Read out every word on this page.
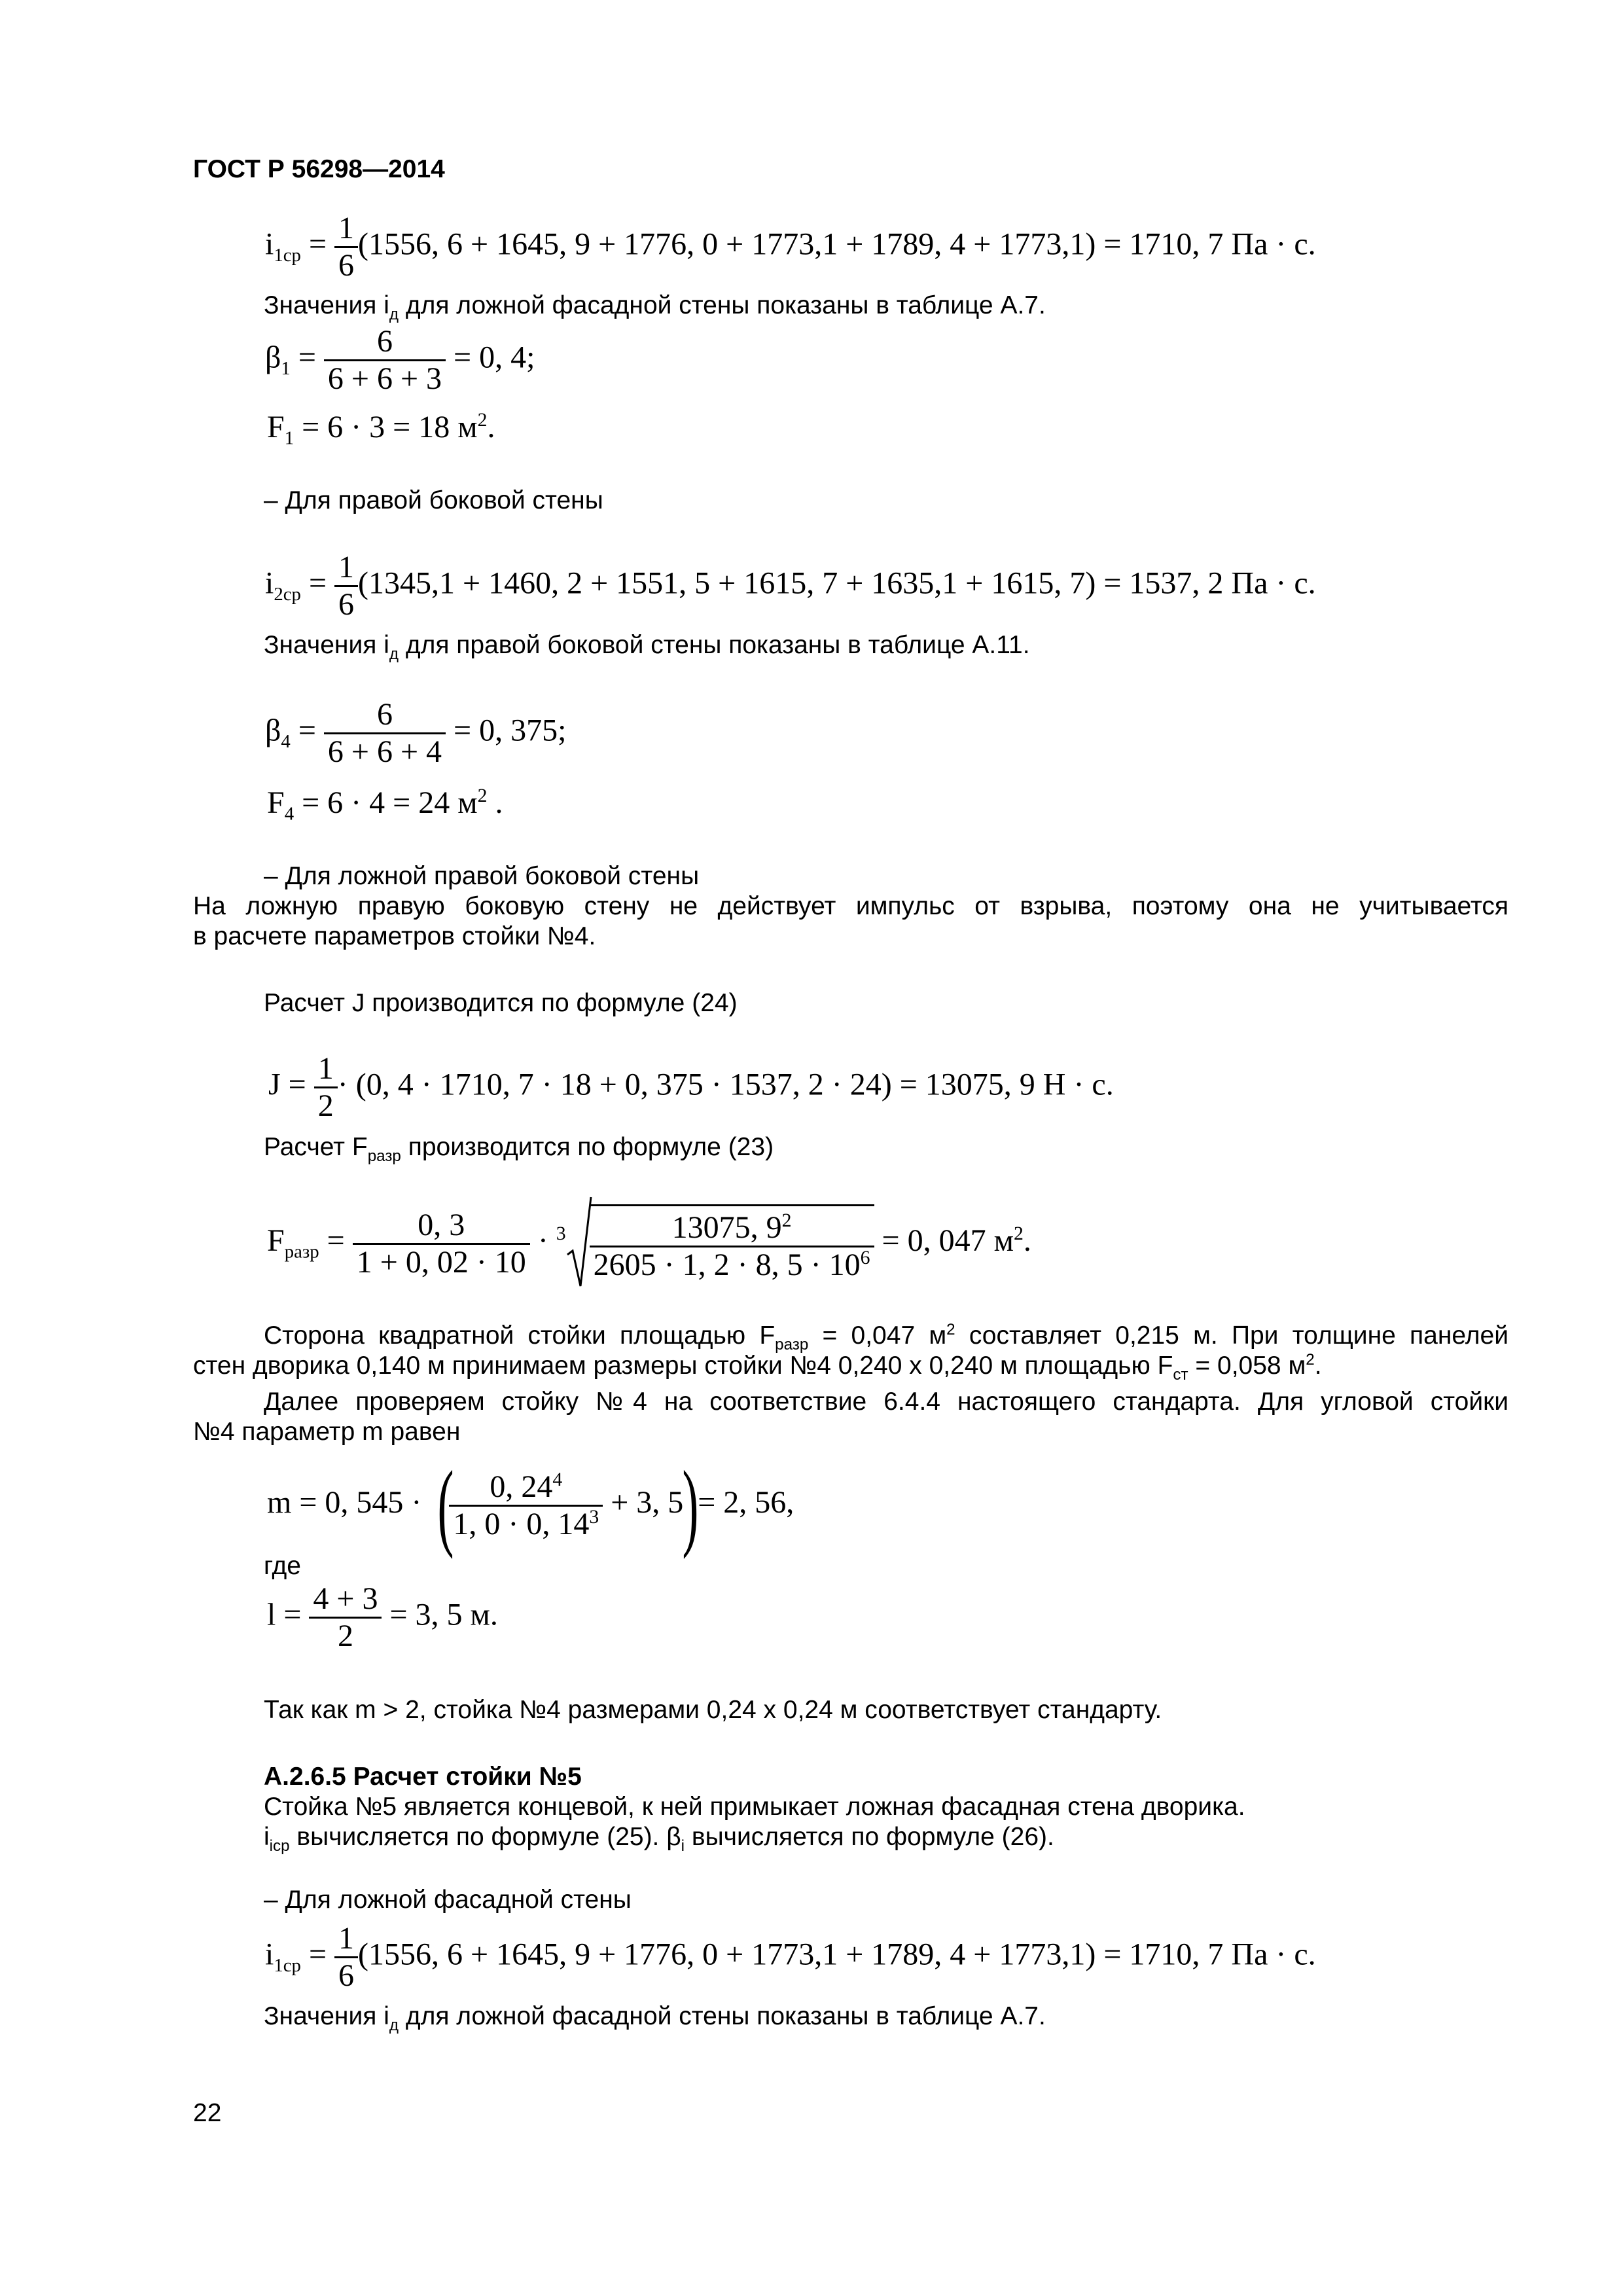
ГОСТ Р 56298—2014
$i_{1ср} = \frac{1}{6} (1556$, 6 + 1645, 9 + 1776, 0 + 1773,1 + 1789, 4 + 1773,1) = 1710, 7 Па · с.
Значения $i_д$ для ложной фасадной стены показаны в таблице А.7.
$\beta_1 = \frac{6}{6 + 6 + 3} = 0$, 4;
$F_1 = 6 \cdot 3 = 18$ $м^2$.
– Для правой боковой стены
$i_{2ср} = \frac{1}{6} (1345,1 + 1460$, 2 + 1551, 5 + 1615, 7 + 1635,1 + 1615, 7) = 1537, 2 Па · с.
Значения $i_д$ для правой боковой стены показаны в таблице А.11.
$\beta_4 = \frac{6}{6 + 6 + 4} = 0$, 375;
$F_4 = 6 \cdot 4 = 24$ $м^2$ .
– Для ложной правой боковой стены
На ложную правую боковую стену не действует импульс от взрыва, поэтому она не учитывается
в расчете параметров стойки №4.
Расчет J производится по формуле (24)
$J = \frac{1}{2} \cdot (0$, 4 · 1710, 7 · 18 + 0, 375 · 1537, 2 · 24) = 13075, 9 Н · с.
Расчет $F_{разр}$ производится по формуле (23)
$F_{разр} = \frac{0, 3}{1 + 0, 02 \cdot 10} \cdot ^3 \frac{13075, 9^2}{2605 \cdot 1, 2 \cdot 8, 5 \cdot 10^6} = 0$, 047 $м^2$.
Сторона квадратной стойки площадью $F_{разр} = 0,047$ $м^2$ составляет 0,215 м. При толщине панелей
стен дворика 0,140 м принимаем размеры стойки №4 0,240 x 0,240 м площадью $F_{ст} = 0,058$ $м^2$.
Далее проверяем стойку №4 на соответствие 6.4.4 настоящего стандарта. Для угловой стойки
№4 параметр m равен
m = 0, 545 · (
$\frac{0, 24^4}{1, 0 \cdot 0, 14^3} + 3$, 5)= 2, 56,
где
$l = \frac{4 + 3}{2} = 3$, 5 м.
Так как m > 2, стойка №4 размерами 0,24 x 0,24 м соответствует стандарту.
А.2.6.5 Расчет стойки №5
Стойка №5 является концевой, к ней примыкает ложная фасадная стена дворика.
$i_{icp}$ вычисляется по формуле (25). $\beta_i$ вычисляется по формуле (26).
– Для ложной фасадной стены
$i_{1ср} = \frac{1}{6} (1556$, 6 + 1645, 9 + 1776, 0 + 1773,1 + 1789, 4 + 1773,1) = 1710, 7 Па · с.
Значения $i_д$ для ложной фасадной стены показаны в таблице А.7.
22
